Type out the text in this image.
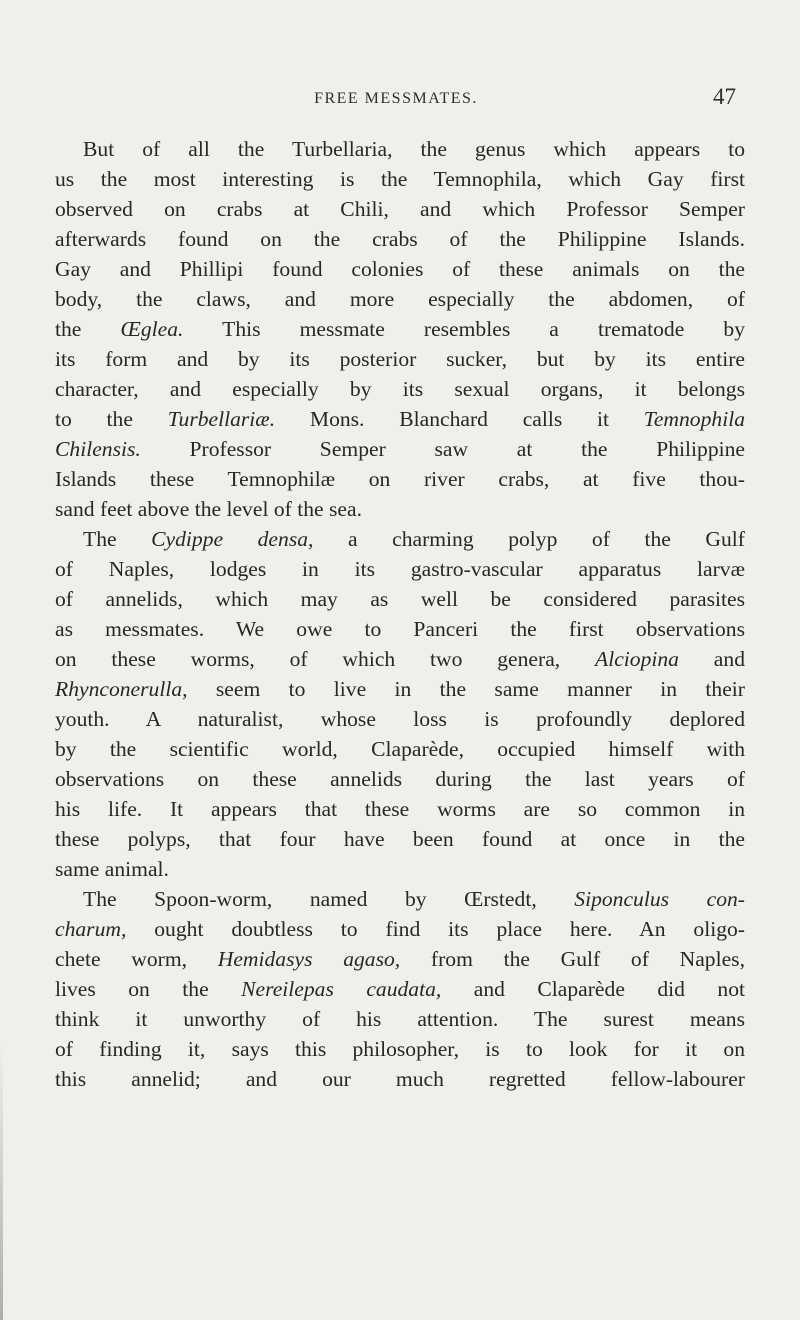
FREE MESSMATES.	47
But of all the Turbellaria, the genus which appears to
us the most interesting is the Temnophila, which Gay first
observed on crabs at Chili, and which Professor Semper
afterwards found on the crabs of the Philippine Islands.
Gay and Phillipi found colonies of these animals on the
body, the claws, and more especially the abdomen, of
the Œglea. This messmate resembles a trematode by
its form and by its posterior sucker, but by its entire
character, and especially by its sexual organs, it belongs
to the Turbellariæ. Mons. Blanchard calls it Temnophila
Chilensis. Professor Semper saw at the Philippine
Islands these Temnophilæ on river crabs, at five thou-
sand feet above the level of the sea.
The Cydippe densa, a charming polyp of the Gulf
of Naples, lodges in its gastro-vascular apparatus larvæ
of annelids, which may as well be considered parasites
as messmates. We owe to Panceri the first observations
on these worms, of which two genera, Alciopina and
Rhynconerulla, seem to live in the same manner in their
youth. A naturalist, whose loss is profoundly deplored
by the scientific world, Claparède, occupied himself with
observations on these annelids during the last years of
his life. It appears that these worms are so common in
these polyps, that four have been found at once in the
same animal.
The Spoon-worm, named by Œrstedt, Siponculus con-
charum, ought doubtless to find its place here. An oligo-
chete worm, Hemidasys agaso, from the Gulf of Naples,
lives on the Nereilepas caudata, and Claparède did not
think it unworthy of his attention. The surest means
of finding it, says this philosopher, is to look for it on
this annelid; and our much regretted fellow-labourer
